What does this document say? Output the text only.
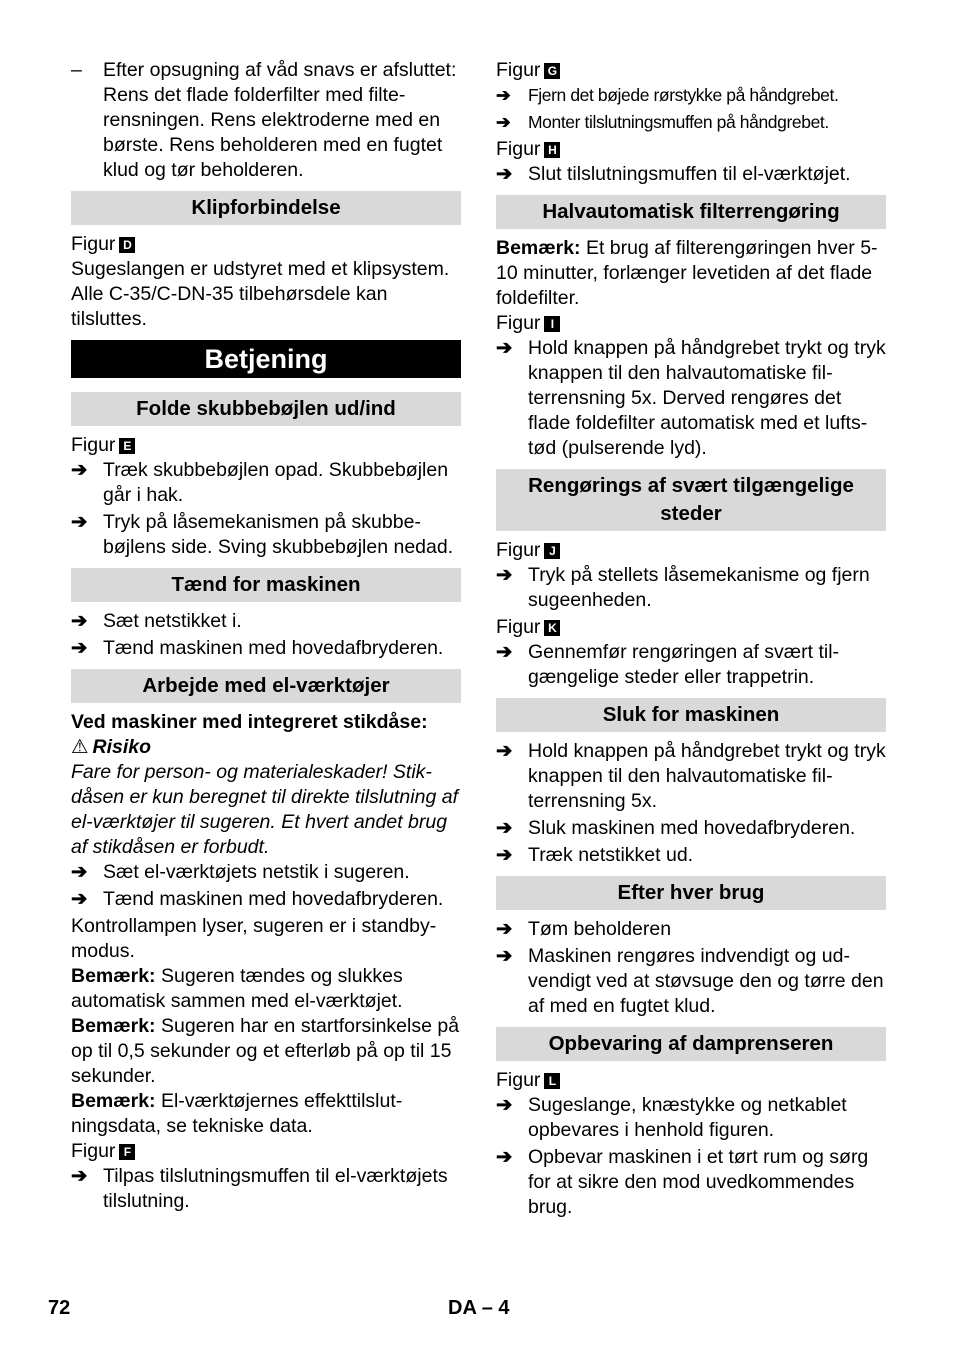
–	Efter opsugning af våd snavs er afsluttet: Rens det flade folderfilter med filterensningen. Rens elektroderne med en børste. Rens beholderen med en fugtet klud og tør beholderen.
Klipforbindelse

Figur D

Sugeslangen er udstyret med et klipsystem. Alle C-35/C-DN-35 tilbehørsdele kan tilsluttes.

Betjening
Folde skubbebøjlen ud/ind

Figur E

➔ Træk skubbebøjlen opad. Skubbebøjlen går i hak.
➔ Tryk på låsemekanismen på skubbebøjlens side. Sving skubbebøjlen nedad.
Tænd for maskinen
➔ Sæt netstikket i.
➔ Tænd maskinen med hovedafbryderen.
Arbejde med el-værktøjer

Ved maskiner med integreret stikdåse:

⚠ Risiko

Fare for person- og materialeskader! Stikdåsen er kun beregnet til direkte tilslutning af el-værktøjer til sugeren. Et hvert andet brug af stikdåsen er forbudt.

➔ Sæt el-værktøjets netstik i sugeren.
➔ Tænd maskinen med hovedafbryderen.

Kontrollampen lyser, sugeren er i standbymodus.

Bemærk: Sugeren tændes og slukkes automatisk sammen med el-værktøjet.

Bemærk: Sugeren har en startforsinkelse på op til 0,5 sekunder og et efterløb på op til 15 sekunder.

Bemærk: El-værktøjernes effekttilslutningsdata, se tekniske data.

Figur F

➔ Tilpas tilslutningsmuffen til el-værktøjets tilslutning.

Figur G

➔	Fjern det bøjede rørstykke på håndgrebet.
➔	Monter tilslutningsmuffen på håndgrebet.

Figur H

➔ Slut tilslutningsmuffen til el-værktøjet.
Halvautomatisk filterrengøring

Bemærk: Et brug af filterengøringen hver 5-10 minutter, forlænger levetiden af det flade foldefilter.

Figur I

➔ Hold knappen på håndgrebet trykt og tryk knappen til den halvautomatiske filterrensning 5x. Derved rengøres det flade foldefilter automatisk med et luftstød (pulserende lyd).
Rengørings af svært tilgængelige steder

Figur J

➔ Tryk på stellets låsemekanisme og fjern sugeenheden.

Figur K

➔ Gennemfør rengøringen af svært tilgængelige steder eller trappetrin.
Sluk for maskinen
➔ Hold knappen på håndgrebet trykt og tryk knappen til den halvautomatiske filterrensning 5x.
➔ Sluk maskinen med hovedafbryderen.
➔ Træk netstikket ud.
Efter hver brug
➔ Tøm beholderen
➔ Maskinen rengøres indvendigt og udvendigt ved at støvsuge den og tørre den af med en fugtet klud.
Opbevaring af damprenseren

Figur L

➔ Sugeslange, knæstykke og netkablet opbevares i henhold figuren.
➔ Opbevar maskinen i et tørt rum og sørg for at sikre den mod uvedkommendes brug.
72	DA – 4
